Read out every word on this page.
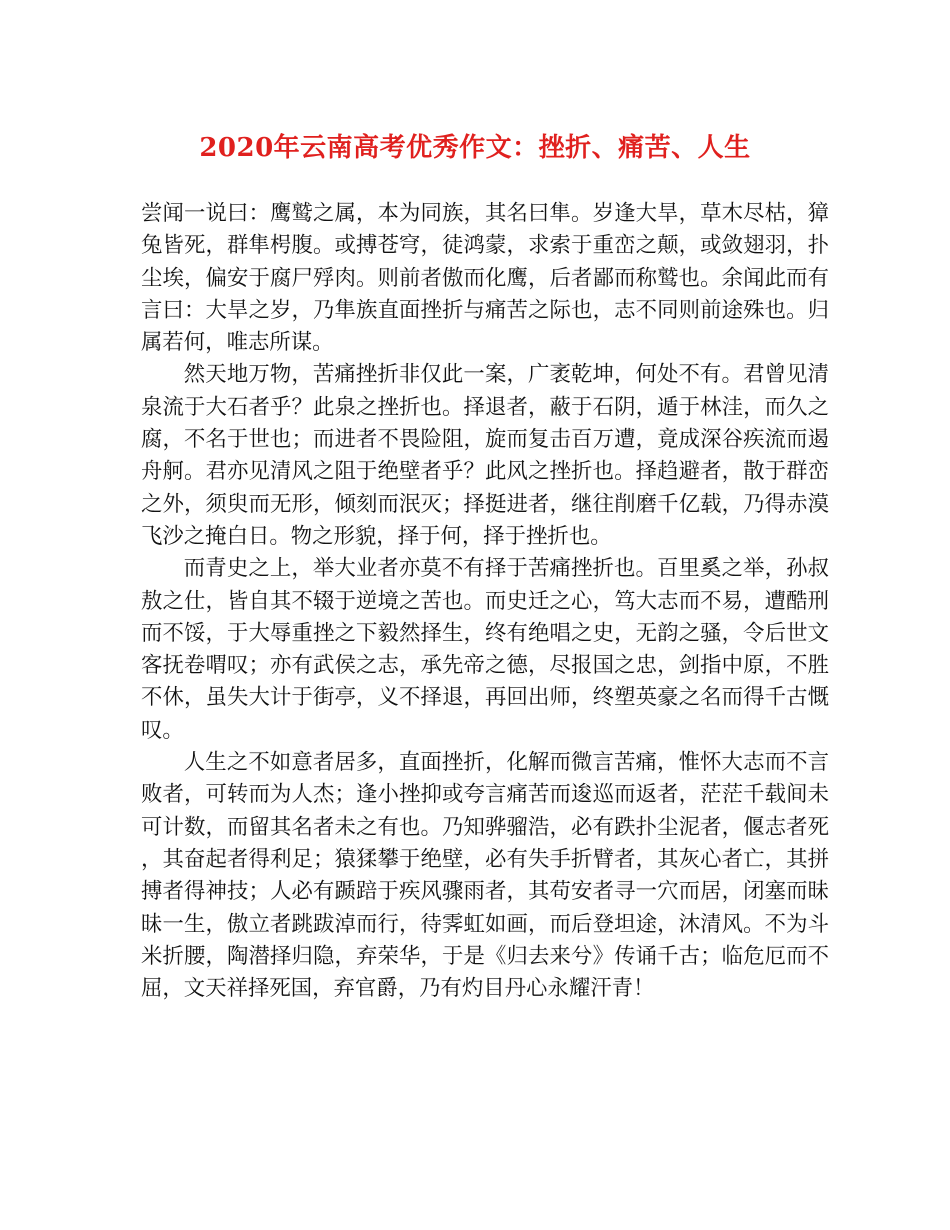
2020年云南高考优秀作文：挫折、痛苦、人生

尝闻一说曰：鹰鹫之属，本为同族，其名曰隼。岁逢大旱，草木尽枯，獐兔皆死，群隼枵腹。或搏苍穹，徒鸿蒙，求索于重峦之颠，或敛翅羽，扑尘埃，偏安于腐尸殍肉。则前者傲而化鹰，后者鄙而称鹫也。余闻此而有言曰：大旱之岁，乃隼族直面挫折与痛苦之际也，志不同则前途殊也。归属若何，唯志所谋。

然天地万物，苦痛挫折非仅此一案，广袤乾坤，何处不有。君曾见清泉流于大石者乎？此泉之挫折也。择退者，蔽于石阴，遁于林洼，而久之腐，不名于世也；而进者不畏险阻，旋而复击百万遭，竟成深谷疾流而遏舟舸。君亦见清风之阻于绝壁者乎？此风之挫折也。择趋避者，散于群峦之外，须臾而无形，倾刻而泯灭；择挺进者，继往削磨千亿载，乃得赤漠飞沙之掩白日。物之形貌，择于何，择于挫折也。

而青史之上，举大业者亦莫不有择于苦痛挫折也。百里奚之举，孙叔敖之仕，皆自其不辍于逆境之苦也。而史迁之心，笃大志而不易，遭酷刑而不馁，于大辱重挫之下毅然择生，终有绝唱之史，无韵之骚，令后世文客抚卷喟叹；亦有武侯之志，承先帝之德，尽报国之忠，剑指中原，不胜不休，虽失大计于街亭，义不择退，再回出师，终塑英豪之名而得千古慨叹。

人生之不如意者居多，直面挫折，化解而微言苦痛，惟怀大志而不言败者，可转而为人杰；逢小挫抑或夸言痛苦而逡巡而返者，茫茫千载间未可计数，而留其名者未之有也。乃知骅骝浩，必有跌扑尘泥者，偃志者死，其奋起者得利足；猿猱攀于绝壁，必有失手折臂者，其灰心者亡，其拼搏者得神技；人必有踬踣于疾风骤雨者，其苟安者寻一穴而居，闭塞而昧昧一生，傲立者跳跋淖而行，待霁虹如画，而后登坦途，沐清风。不为斗米折腰，陶潜择归隐，弃荣华，于是《归去来兮》传诵千古；临危厄而不屈，文天祥择死国，弃官爵，乃有灼目丹心永耀汗青！
